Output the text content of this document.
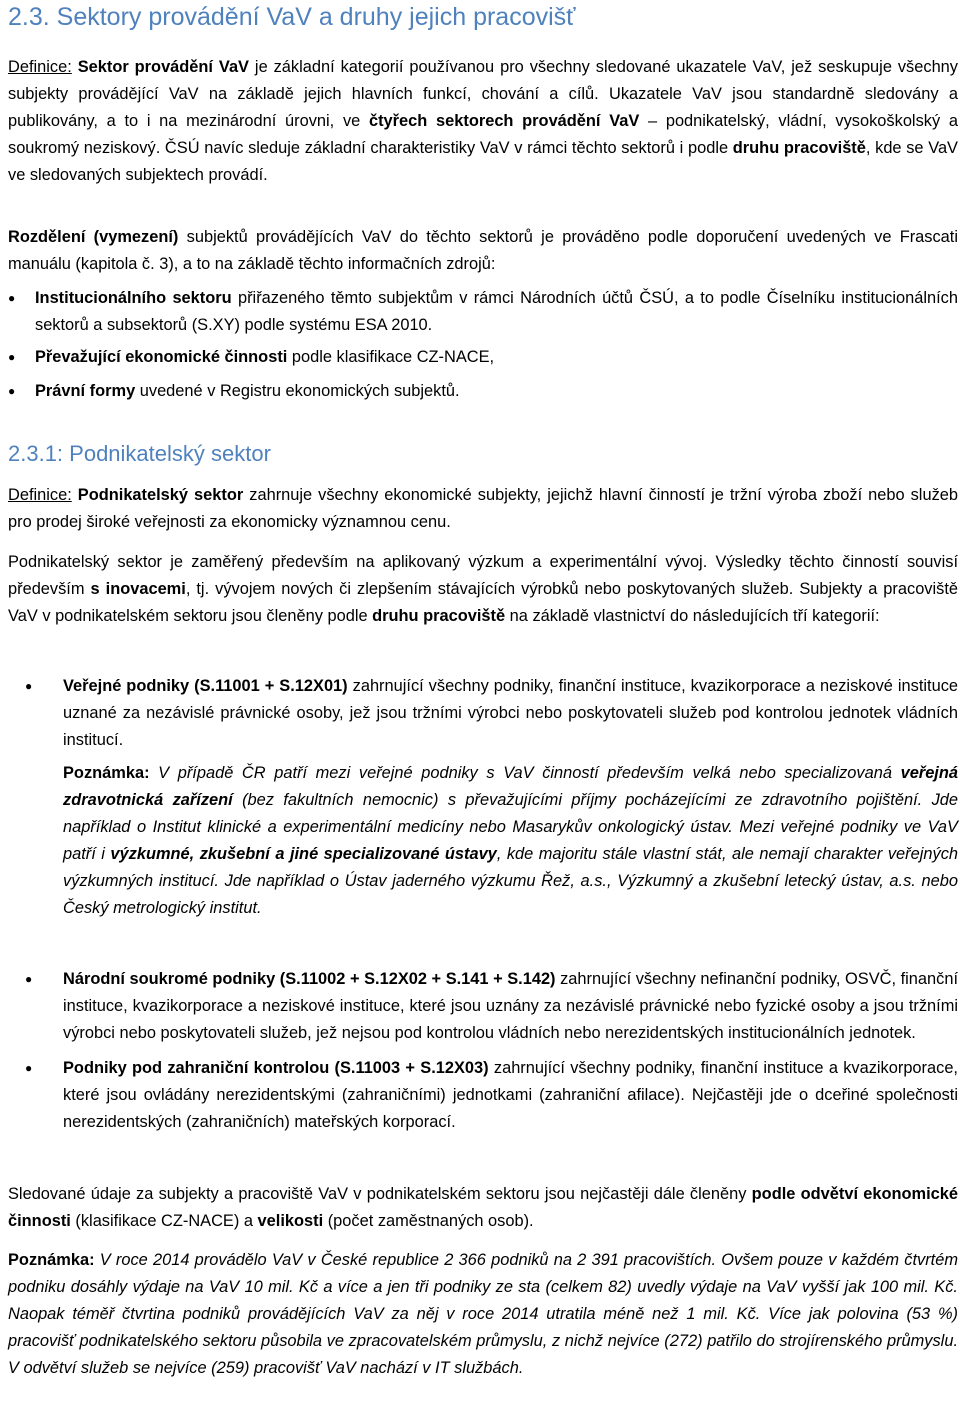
2.3. Sektory provádění VaV a druhy jejich pracovišť

Definice: Sektor provádění VaV je základní kategorií používanou pro všechny sledované ukazatele VaV, jež seskupuje všechny subjekty provádějící VaV na základě jejich hlavních funkcí, chování a cílů. Ukazatele VaV jsou standardně sledovány a publikovány, a to i na mezinárodní úrovni, ve čtyřech sektorech provádění VaV – podnikatelský, vládní, vysokoškolský a soukromý neziskový. ČSÚ navíc sleduje základní charakteristiky VaV v rámci těchto sektorů i podle druhu pracoviště, kde se VaV ve sledovaných subjektech provádí.

Rozdělení (vymezení) subjektů provádějících VaV do těchto sektorů je prováděno podle doporučení uvedených ve Frascati manuálu (kapitola č. 3), a to na základě těchto informačních zdrojů:

● Institucionálního sektoru přiřazeného těmto subjektům v rámci Národních účtů ČSÚ, a to podle Číselníku institucionálních sektorů a subsektorů (S.XY) podle systému ESA 2010.
● Převažující ekonomické činnosti podle klasifikace CZ-NACE,
● Právní formy uvedené v Registru ekonomických subjektů.
2.3.1: Podnikatelský sektor

Definice: Podnikatelský sektor zahrnuje všechny ekonomické subjekty, jejichž hlavní činností je tržní výroba zboží nebo služeb pro prodej široké veřejnosti za ekonomicky významnou cenu.

Podnikatelský sektor je zaměřený především na aplikovaný výzkum a experimentální vývoj. Výsledky těchto činností souvisí především s inovacemi, tj. vývojem nových či zlepšením stávajících výrobků nebo poskytovaných služeb. Subjekty a pracoviště VaV v podnikatelském sektoru jsou členěny podle druhu pracoviště na základě vlastnictví do následujících tří kategorií:

● Veřejné podniky (S.11001 + S.12X01) zahrnující všechny podniky, finanční instituce, kvazikorporace a neziskové instituce uznané za nezávislé právnické osoby, jež jsou tržními výrobci nebo poskytovateli služeb pod kontrolou jednotek vládních institucí.

Poznámka: V případě ČR patří mezi veřejné podniky s VaV činností především velká nebo specializovaná veřejná zdravotnická zařízení (bez fakultních nemocnic) s převažujícími příjmy pocházejícími ze zdravotního pojištění. Jde například o Institut klinické a experimentální medicíny nebo Masarykův onkologický ústav. Mezi veřejné podniky ve VaV patří i výzkumné, zkušební a jiné specializované ústavy, kde majoritu stále vlastní stát, ale nemají charakter veřejných výzkumných institucí. Jde například o Ústav jaderného výzkumu Řež, a.s., Výzkumný a zkušební letecký ústav, a.s. nebo Český metrologický institut.

● Národní soukromé podniky (S.11002 + S.12X02 + S.141 + S.142) zahrnující všechny nefinanční podniky, OSVČ, finanční instituce, kvazikorporace a neziskové instituce, které jsou uznány za nezávislé právnické nebo fyzické osoby a jsou tržními výrobci nebo poskytovateli služeb, jež nejsou pod kontrolou vládních nebo nerezidentských institucionálních jednotek.
● Podniky pod zahraniční kontrolou (S.11003 + S.12X03) zahrnující všechny podniky, finanční instituce a kvazikorporace, které jsou ovládány nerezidentskými (zahraničními) jednotkami (zahraniční afilace). Nejčastěji jde o dceřiné společnosti nerezidentských (zahraničních) mateřských korporací.

Sledované údaje za subjekty a pracoviště VaV v podnikatelském sektoru jsou nejčastěji dále členěny podle odvětví ekonomické činnosti (klasifikace CZ-NACE) a velikosti (počet zaměstnaných osob).

Poznámka: V roce 2014 provádělo VaV v České republice 2 366 podniků na 2 391 pracovištích. Ovšem pouze v každém čtvrtém podniku dosáhly výdaje na VaV 10 mil. Kč a více a jen tři podniky ze sta (celkem 82) uvedly výdaje na VaV vyšší jak 100 mil. Kč. Naopak téměř čtvrtina podniků provádějících VaV za něj v roce 2014 utratila méně než 1 mil. Kč. Více jak polovina (53 %) pracovišť podnikatelského sektoru působila ve zpracovatelském průmyslu, z nichž nejvíce (272) patřilo do strojírenského průmyslu. V odvětví služeb se nejvíce (259) pracovišť VaV nachází v IT službách.
